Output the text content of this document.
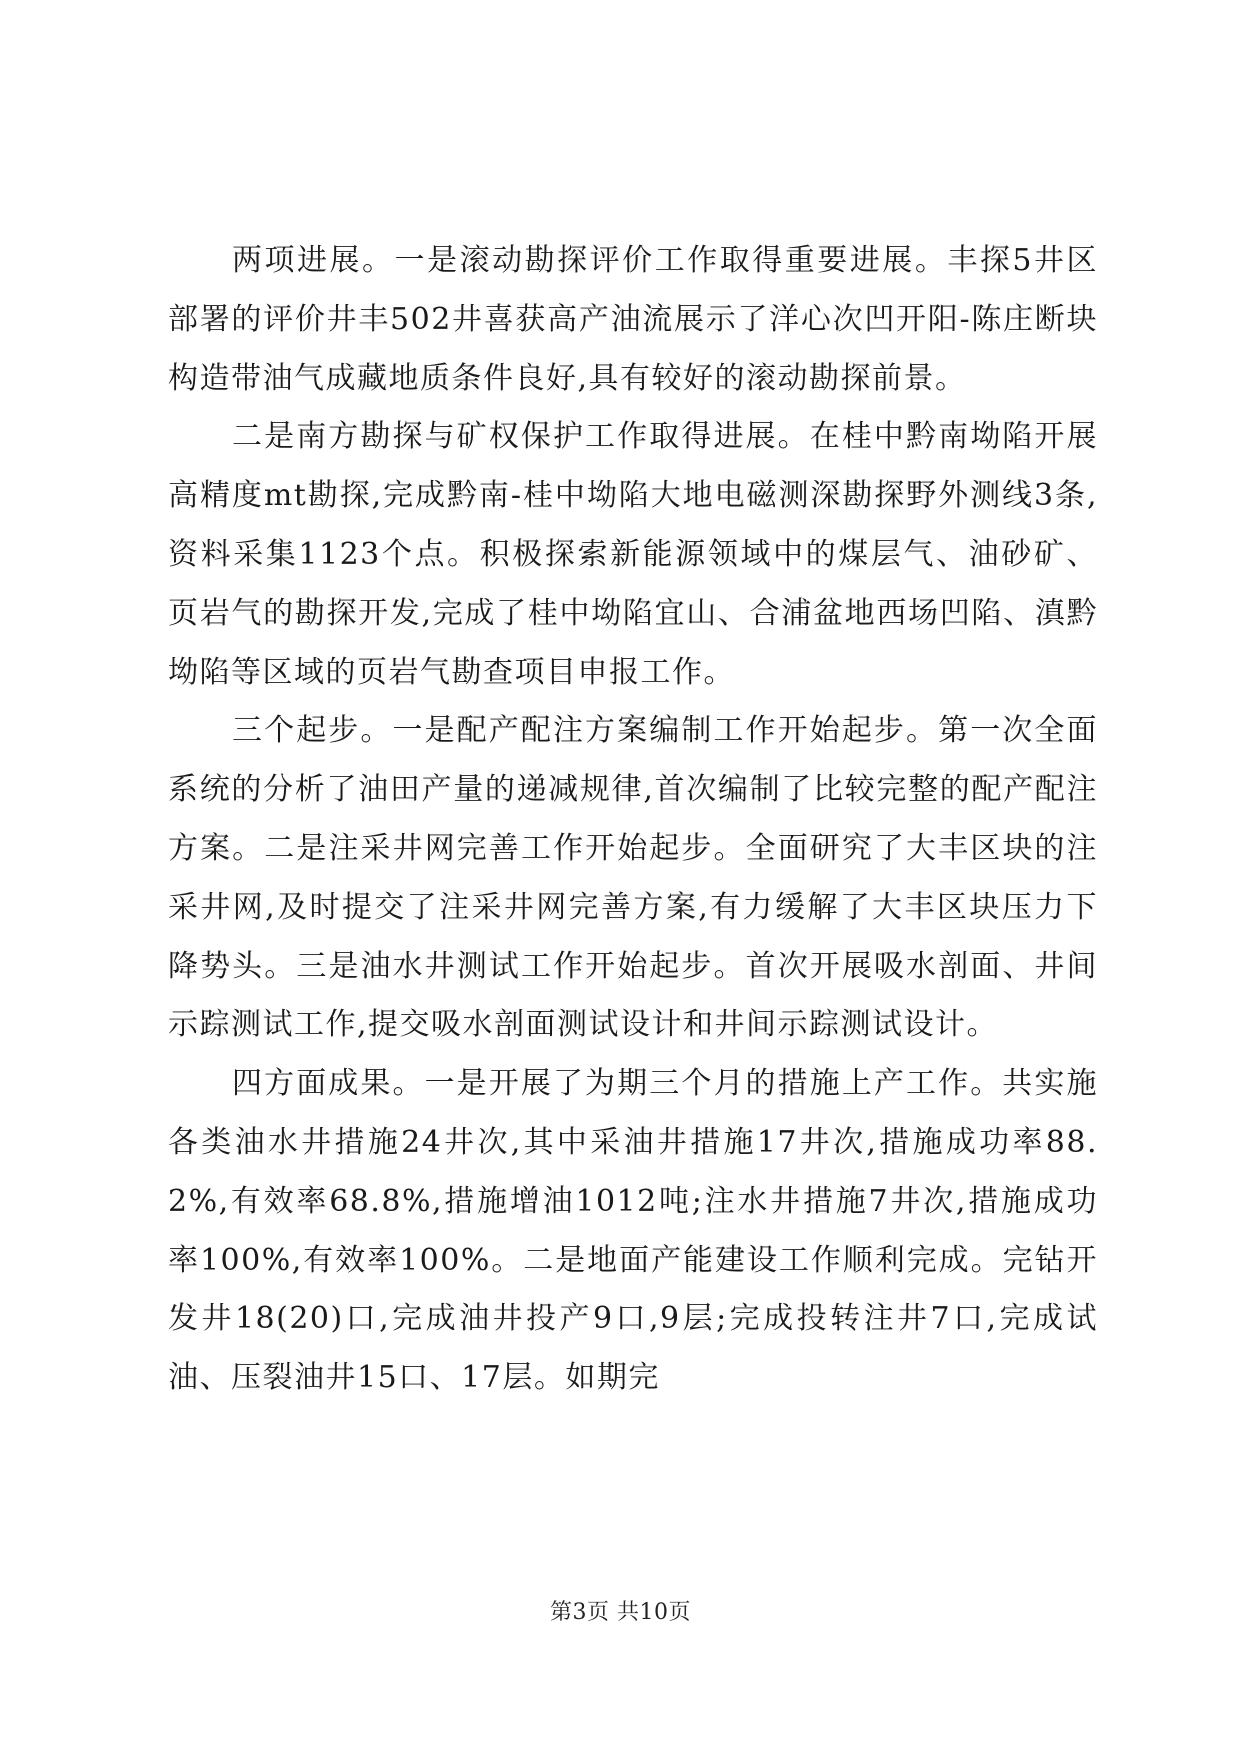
两项进展。一是滚动勘探评价工作取得重要进展。丰探5井区部署的评价井丰502井喜获高产油流展示了洋心次凹开阳-陈庄断块构造带油气成藏地质条件良好,具有较好的滚动勘探前景。

二是南方勘探与矿权保护工作取得进展。在桂中黔南坳陷开展高精度mt勘探,完成黔南-桂中坳陷大地电磁测深勘探野外测线3条,资料采集1123个点。积极探索新能源领域中的煤层气、油砂矿、页岩气的勘探开发,完成了桂中坳陷宜山、合浦盆地西场凹陷、滇黔坳陷等区域的页岩气勘查项目申报工作。

三个起步。一是配产配注方案编制工作开始起步。第一次全面系统的分析了油田产量的递减规律,首次编制了比较完整的配产配注方案。二是注采井网完善工作开始起步。全面研究了大丰区块的注采井网,及时提交了注采井网完善方案,有力缓解了大丰区块压力下降势头。三是油水井测试工作开始起步。首次开展吸水剖面、井间示踪测试工作,提交吸水剖面测试设计和井间示踪测试设计。

四方面成果。一是开展了为期三个月的措施上产工作。共实施各类油水井措施24井次,其中采油井措施17井次,措施成功率88.2%,有效率68.8%,措施增油1012吨;注水井措施7井次,措施成功率100%,有效率100%。二是地面产能建设工作顺利完成。完钻开发井18(20)口,完成油井投产9口,9层;完成投转注井7口,完成试油、压裂油井15口、17层。如期完

第3页 共10页
